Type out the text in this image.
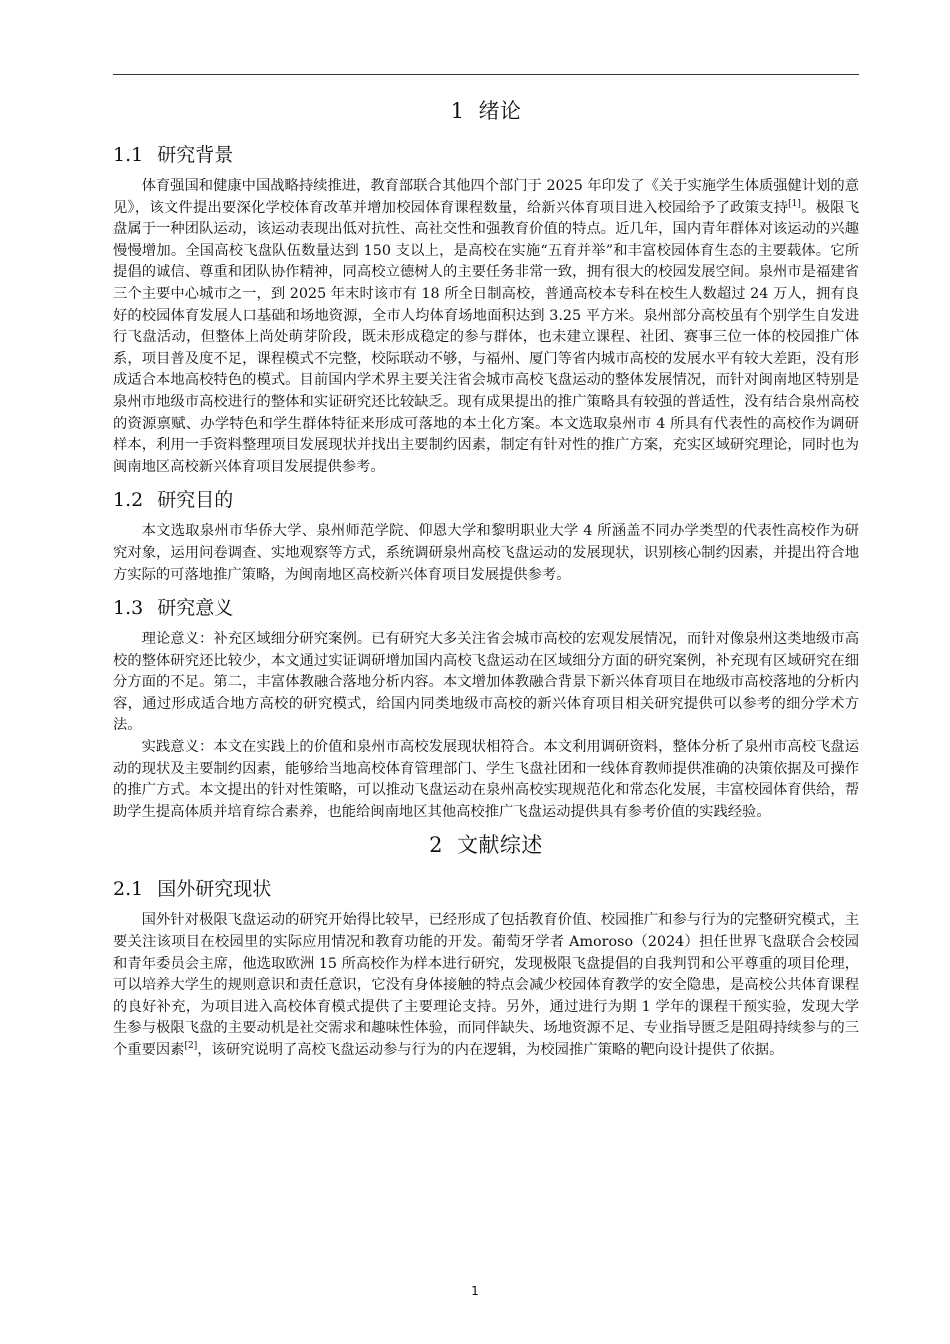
1 绪论
1.1 研究背景

体育强国和健康中国战略持续推进，教育部联合其他四个部门于 2025 年印发了《关于实施学生体质强健计划的意见》，该文件提出要深化学校体育改革并增加校园体育课程数量，给新兴体育项目进入校园给予了政策支持[1]。极限飞盘属于一种团队运动，该运动表现出低对抗性、高社交性和强教育价值的特点。近几年，国内青年群体对该运动的兴趣慢慢增加。全国高校飞盘队伍数量达到 150 支以上，是高校在实施“五育并举”和丰富校园体育生态的主要载体。它所提倡的诚信、尊重和团队协作精神，同高校立德树人的主要任务非常一致，拥有很大的校园发展空间。泉州市是福建省三个主要中心城市之一，到 2025 年末时该市有 18 所全日制高校，普通高校本专科在校生人数超过 24 万人，拥有良好的校园体育发展人口基础和场地资源，全市人均体育场地面积达到 3.25 平方米。泉州部分高校虽有个别学生自发进行飞盘活动，但整体上尚处萌芽阶段，既未形成稳定的参与群体，也未建立课程、社团、赛事三位一体的校园推广体系，项目普及度不足，课程模式不完整，校际联动不够，与福州、厦门等省内城市高校的发展水平有较大差距，没有形成适合本地高校特色的模式。目前国内学术界主要关注省会城市高校飞盘运动的整体发展情况，而针对闽南地区特别是泉州市地级市高校进行的整体和实证研究还比较缺乏。现有成果提出的推广策略具有较强的普适性，没有结合泉州高校的资源禀赋、办学特色和学生群体特征来形成可落地的本土化方案。本文选取泉州市 4 所具有代表性的高校作为调研样本，利用一手资料整理项目发展现状并找出主要制约因素，制定有针对性的推广方案，充实区域研究理论，同时也为闽南地区高校新兴体育项目发展提供参考。

1.2 研究目的

本文选取泉州市华侨大学、泉州师范学院、仰恩大学和黎明职业大学 4 所涵盖不同办学类型的代表性高校作为研究对象，运用问卷调查、实地观察等方式，系统调研泉州高校飞盘运动的发展现状，识别核心制约因素，并提出符合地方实际的可落地推广策略，为闽南地区高校新兴体育项目发展提供参考。

1.3 研究意义

理论意义：补充区域细分研究案例。已有研究大多关注省会城市高校的宏观发展情况，而针对像泉州这类地级市高校的整体研究还比较少，本文通过实证调研增加国内高校飞盘运动在区域细分方面的研究案例，补充现有区域研究在细分方面的不足。第二，丰富体教融合落地分析内容。本文增加体教融合背景下新兴体育项目在地级市高校落地的分析内容，通过形成适合地方高校的研究模式，给国内同类地级市高校的新兴体育项目相关研究提供可以参考的细分学术方法。

实践意义：本文在实践上的价值和泉州市高校发展现状相符合。本文利用调研资料，整体分析了泉州市高校飞盘运动的现状及主要制约因素，能够给当地高校体育管理部门、学生飞盘社团和一线体育教师提供准确的决策依据及可操作的推广方式。本文提出的针对性策略，可以推动飞盘运动在泉州高校实现规范化和常态化发展，丰富校园体育供给，帮助学生提高体质并培育综合素养，也能给闽南地区其他高校推广飞盘运动提供具有参考价值的实践经验。

2 文献综述
2.1 国外研究现状

国外针对极限飞盘运动的研究开始得比较早，已经形成了包括教育价值、校园推广和参与行为的完整研究模式，主要关注该项目在校园里的实际应用情况和教育功能的开发。葡萄牙学者 Amoroso（2024）担任世界飞盘联合会校园和青年委员会主席，他选取欧洲 15 所高校作为样本进行研究，发现极限飞盘提倡的自我判罚和公平尊重的项目伦理，可以培养大学生的规则意识和责任意识，它没有身体接触的特点会减少校园体育教学的安全隐患，是高校公共体育课程的良好补充，为项目进入高校体育模式提供了主要理论支持。另外，通过进行为期 1 学年的课程干预实验，发现大学生参与极限飞盘的主要动机是社交需求和趣味性体验，而同伴缺失、场地资源不足、专业指导匮乏是阻碍持续参与的三个重要因素[2]，该研究说明了高校飞盘运动参与行为的内在逻辑，为校园推广策略的靶向设计提供了依据。

1
